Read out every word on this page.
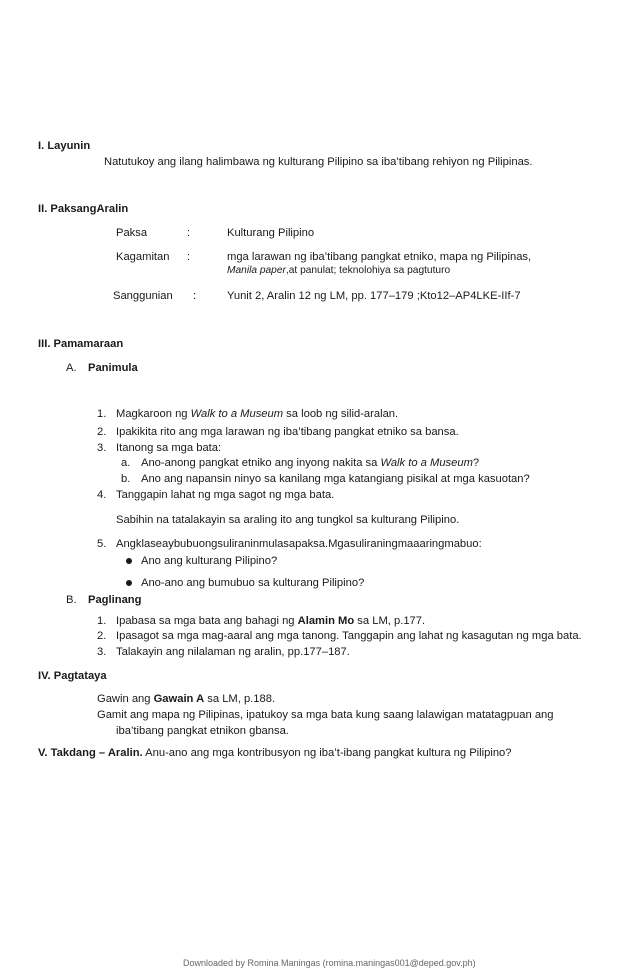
I. Layunin
Natutukoy ang ilang halimbawa ng kulturang Pilipino sa iba’tibang rehiyon ng Pilipinas.
II. PaksangAralin
Paksa	:	Kulturang Pilipino
Kagamitan :	mga larawan ng iba’tibang pangkat etniko, mapa ng Pilipinas,
Manila paper,at panulat; teknolohiya sa pagtuturo
Sanggunian :	Yunit 2, Aralin 12 ng LM, pp. 177–179 ;Kto12–AP4LKE-IIf-7
III. Pamamaraan
A. Panimula
1. Magkaroon ng Walk to a Museum sa loob ng silid-aralan.
2. Ipakikita rito ang mga larawan ng iba’tibang pangkat etniko sa bansa.
3. Itanong sa mga bata:
a. Ano-anong pangkat etniko ang inyong nakita sa Walk to a Museum?
b. Ano ang napansin ninyo sa kanilang mga katangiang pisikal at mga kasuotan?
4. Tanggapin lahat ng mga sagot ng mga bata.
Sabihin na tatalakayin sa araling ito ang tungkol sa kulturang Pilipino.
5. Angklaseaybubuongsuliraninmulasapaksa.Mgasuliraningmaaaringmabuo:
Ano ang kulturang Pilipino?
Ano-ano ang bumubuo sa kulturang Pilipino?
B. Paglinang
1. Ipabasa sa mga bata ang bahagi ng Alamin Mo sa LM, p.177.
2. Ipasagot sa mga mag-aaral ang mga tanong. Tanggapin ang lahat ng kasagutan ng mga bata.
3. Talakayin ang nilalaman ng aralin, pp.177–187.
IV. Pagtataya
Gawin ang Gawain A sa LM, p.188.
Gamit ang mapa ng Pilipinas, ipatukoy sa mga bata kung saang lalawigan matatagpuan ang
iba’tibang pangkat etnikon gbansa.
V. Takdang – Aralin. Anu-ano ang mga kontribusyon ng iba’t-ibang pangkat kultura ng Pilipino?
Downloaded by Romina Maningas (romina.maningas001@deped.gov.ph)
